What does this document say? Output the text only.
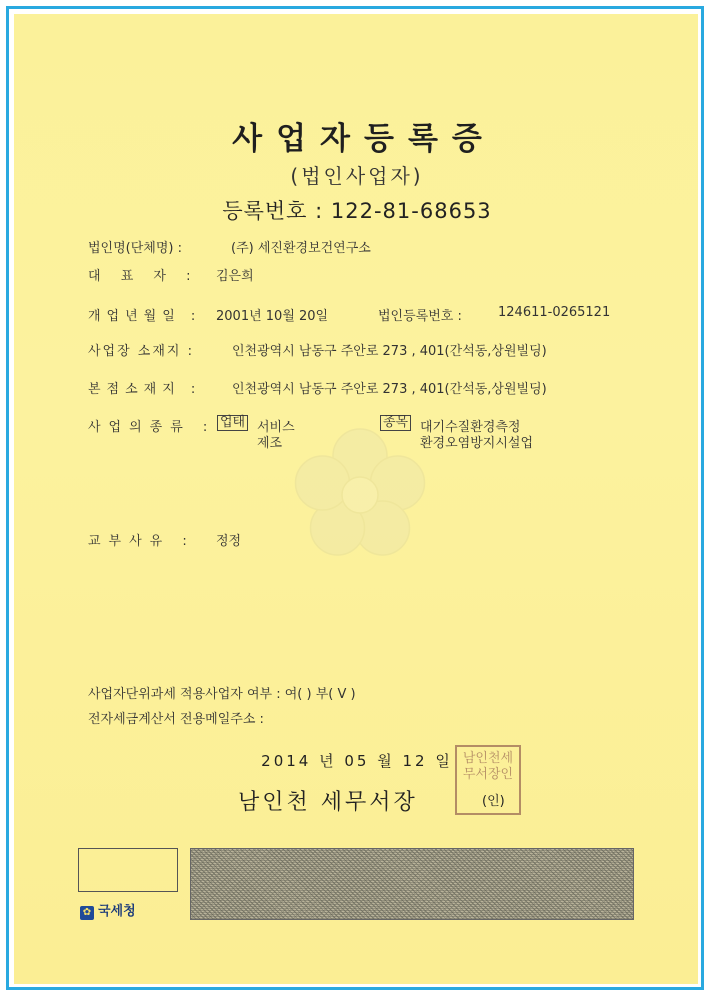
사업자등록증
(법인사업자)
등록번호 : 122-81-68653
법인명(단체명) :	(주) 세진환경보건연구소
대 표 자 : 김은희
개업년월일 : 2001년 10월 20일	법인등록번호 :	124611-0265121
사업장 소재지 :	인천광역시 남동구 주안로 273 , 401(간석동,상원빌딩)
본점소재지 : 인천광역시 남동구 주안로 273 , 401(간석동,상원빌딩)
사업의종류 : 업태 서비스
제조
종목 대기수질환경측정
환경오염방지시설업
교부사유 : 정정
사업자단위과세 적용사업자 여부 : 여( ) 부( V )
전자세금계산서 전용메일주소 :
2014 년 05 월 12 일
남인천 세무서장
남인천세무서장인
(인)
✿ 국세청
